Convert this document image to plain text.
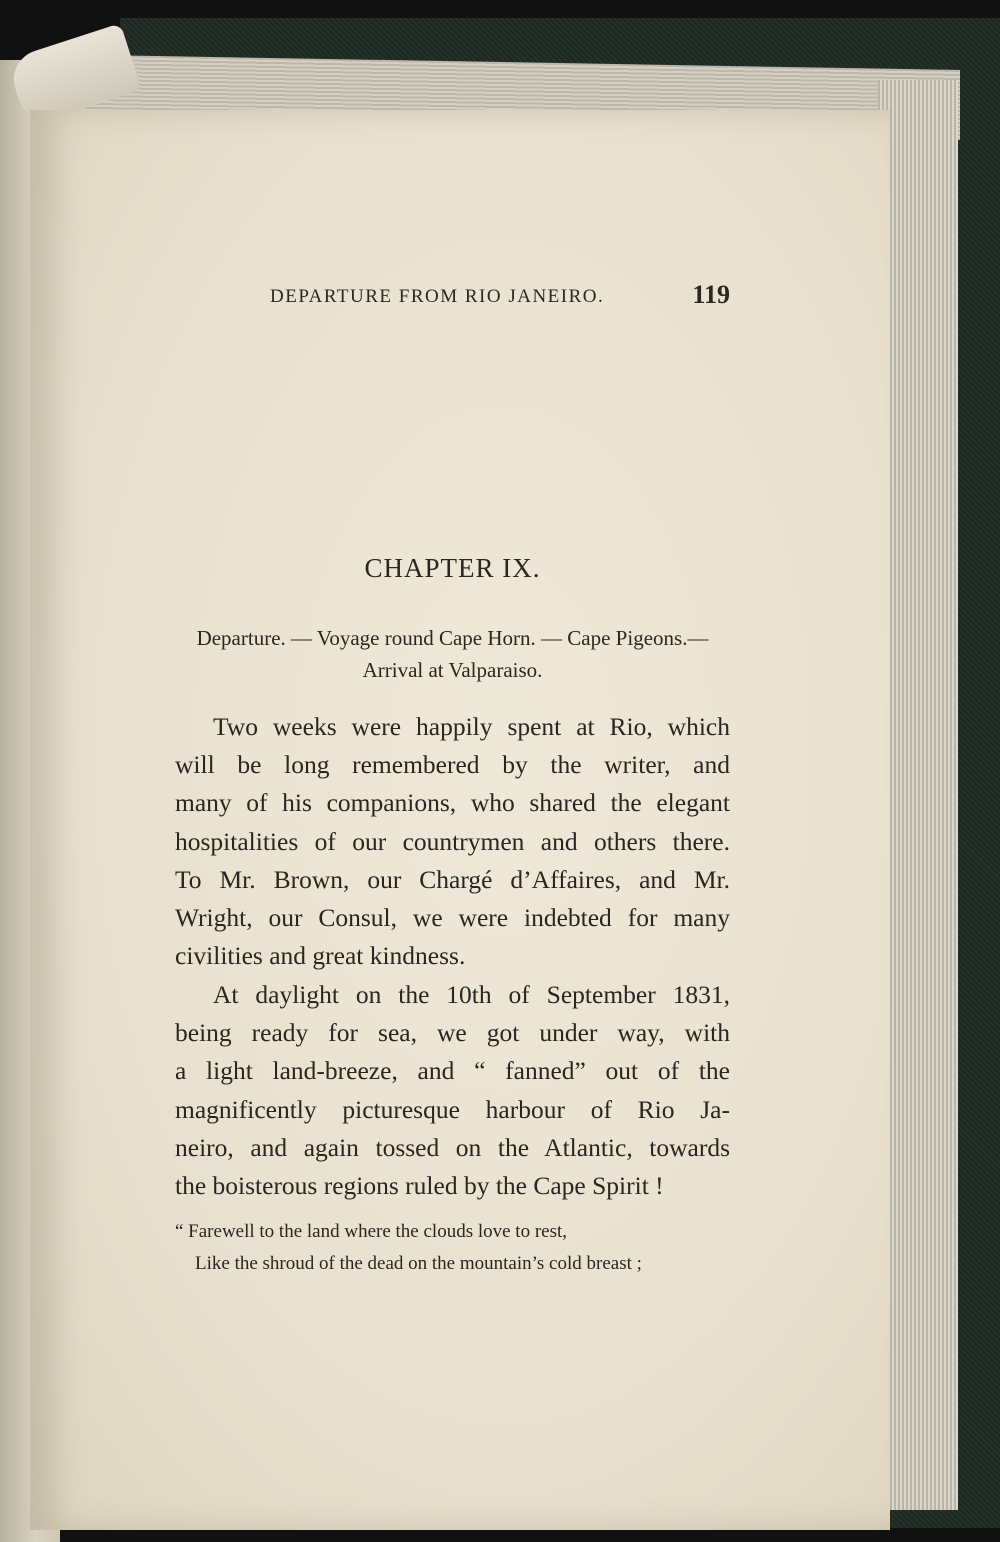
DEPARTURE FROM RIO JANEIRO.	119
CHAPTER IX.
Departure. — Voyage round Cape Horn. — Cape Pigeons.—
Arrival at Valparaiso.
Two weeks were happily spent at Rio, which
will be long remembered by the writer, and
many of his companions, who shared the elegant
hospitalities of our countrymen and others there.
To Mr. Brown, our Chargé d’Affaires, and Mr.
Wright, our Consul, we were indebted for many
civilities and great kindness.
At daylight on the 10th of September 1831,
being ready for sea, we got under way, with
a light land-breeze, and “ fanned” out of the
magnificently picturesque harbour of Rio Ja-
neiro, and again tossed on the Atlantic, towards
the boisterous regions ruled by the Cape Spirit !
“ Farewell to the land where the clouds love to rest,
Like the shroud of the dead on the mountain’s cold breast ;
